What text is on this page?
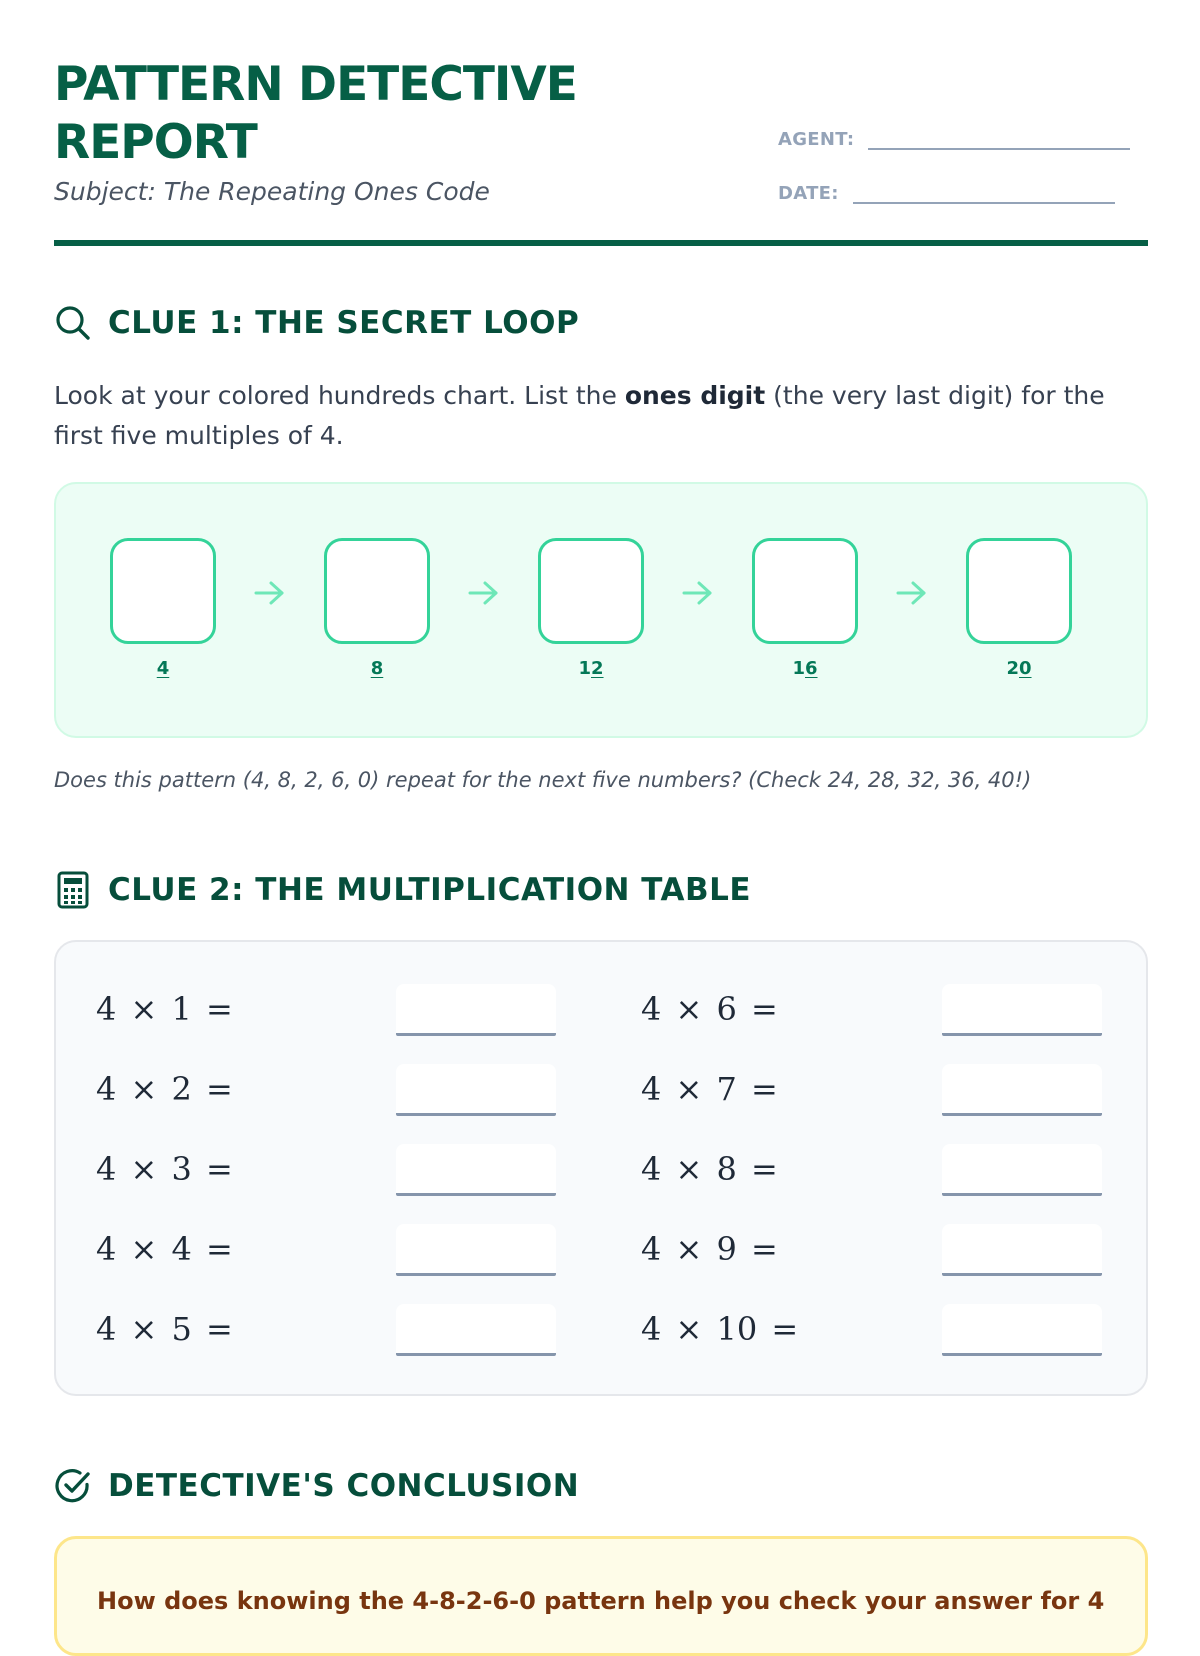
PATTERN DETECTIVE REPORT
Subject: The Repeating Ones Code
AGENT:
DATE:
CLUE 1: THE SECRET LOOP

Look at your colored hundreds chart. List the ones digit (the very last digit) for the first five multiples of 4.

4	8	12	16	20
Does this pattern (4, 8, 2, 6, 0) repeat for the next five numbers? (Check 24, 28, 32, 36, 40!)
CLUE 2: THE MULTIPLICATION TABLE
4 × 1 =
4 × 2 =
4 × 3 =
4 × 4 =
4 × 5 =
4 × 6 =
4 × 7 =
4 × 8 =
4 × 9 =
4 × 10 =
DETECTIVE'S CONCLUSION
How does knowing the 4-8-2-6-0 pattern help you check your answer for 4
